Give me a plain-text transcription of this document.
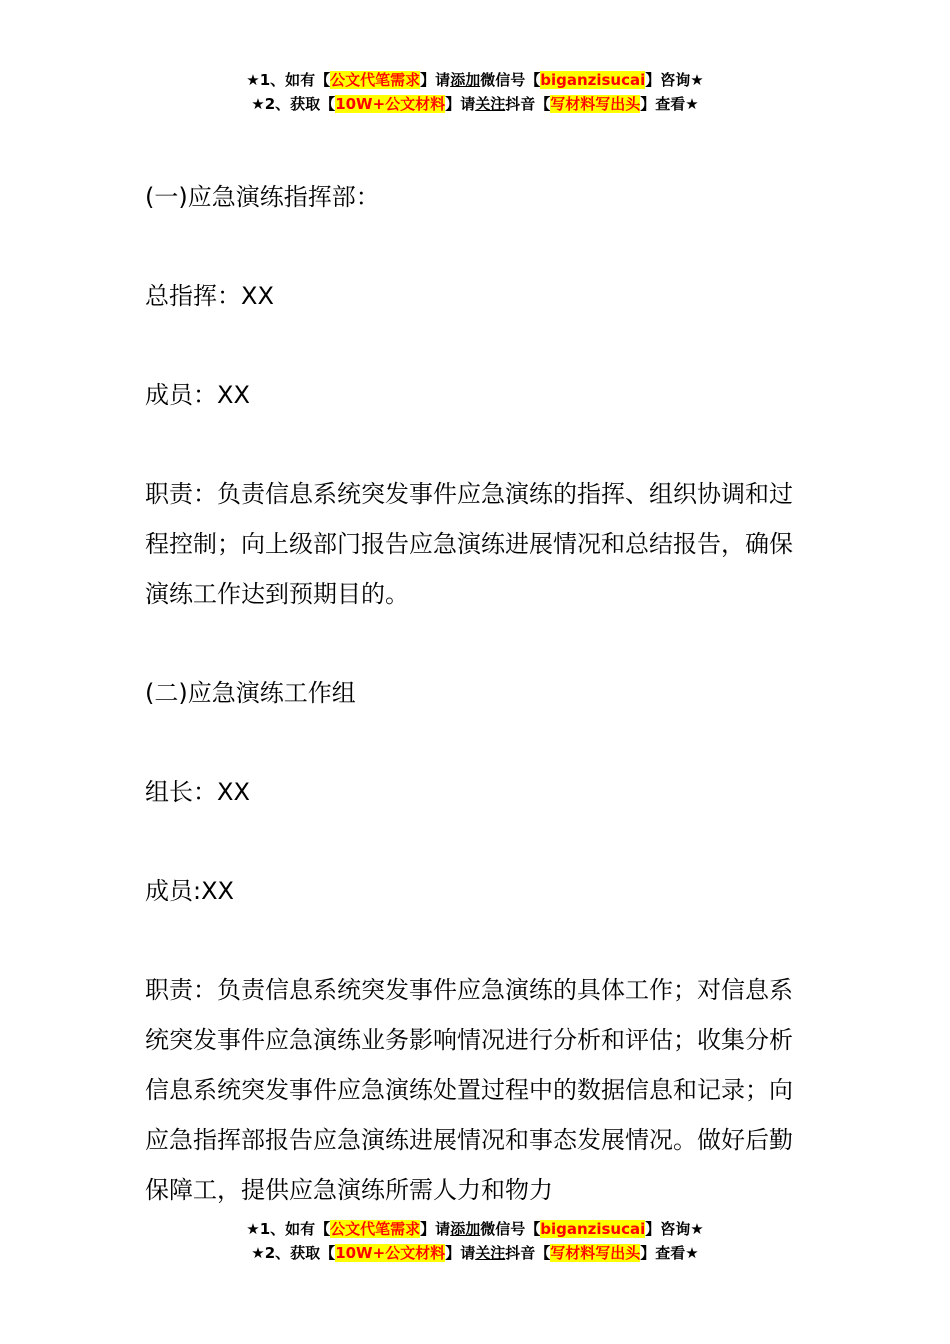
★1、如有【公文代笔需求】请添加微信号【biganzisucai】咨询★
★2、获取【10W+公文材料】请关注抖音【写材料写出头】查看★

(一)应急演练指挥部：

总指挥：XX

成员：XX

职责：负责信息系统突发事件应急演练的指挥、组织协调和过程控制；向上级部门报告应急演练进展情况和总结报告，确保演练工作达到预期目的。

(二)应急演练工作组

组长：XX

成员:XX

职责：负责信息系统突发事件应急演练的具体工作；对信息系统突发事件应急演练业务影响情况进行分析和评估；收集分析信息系统突发事件应急演练处置过程中的数据信息和记录；向应急指挥部报告应急演练进展情况和事态发展情况。做好后勤保障工，提供应急演练所需人力和物力

★1、如有【公文代笔需求】请添加微信号【biganzisucai】咨询★
★2、获取【10W+公文材料】请关注抖音【写材料写出头】查看★
